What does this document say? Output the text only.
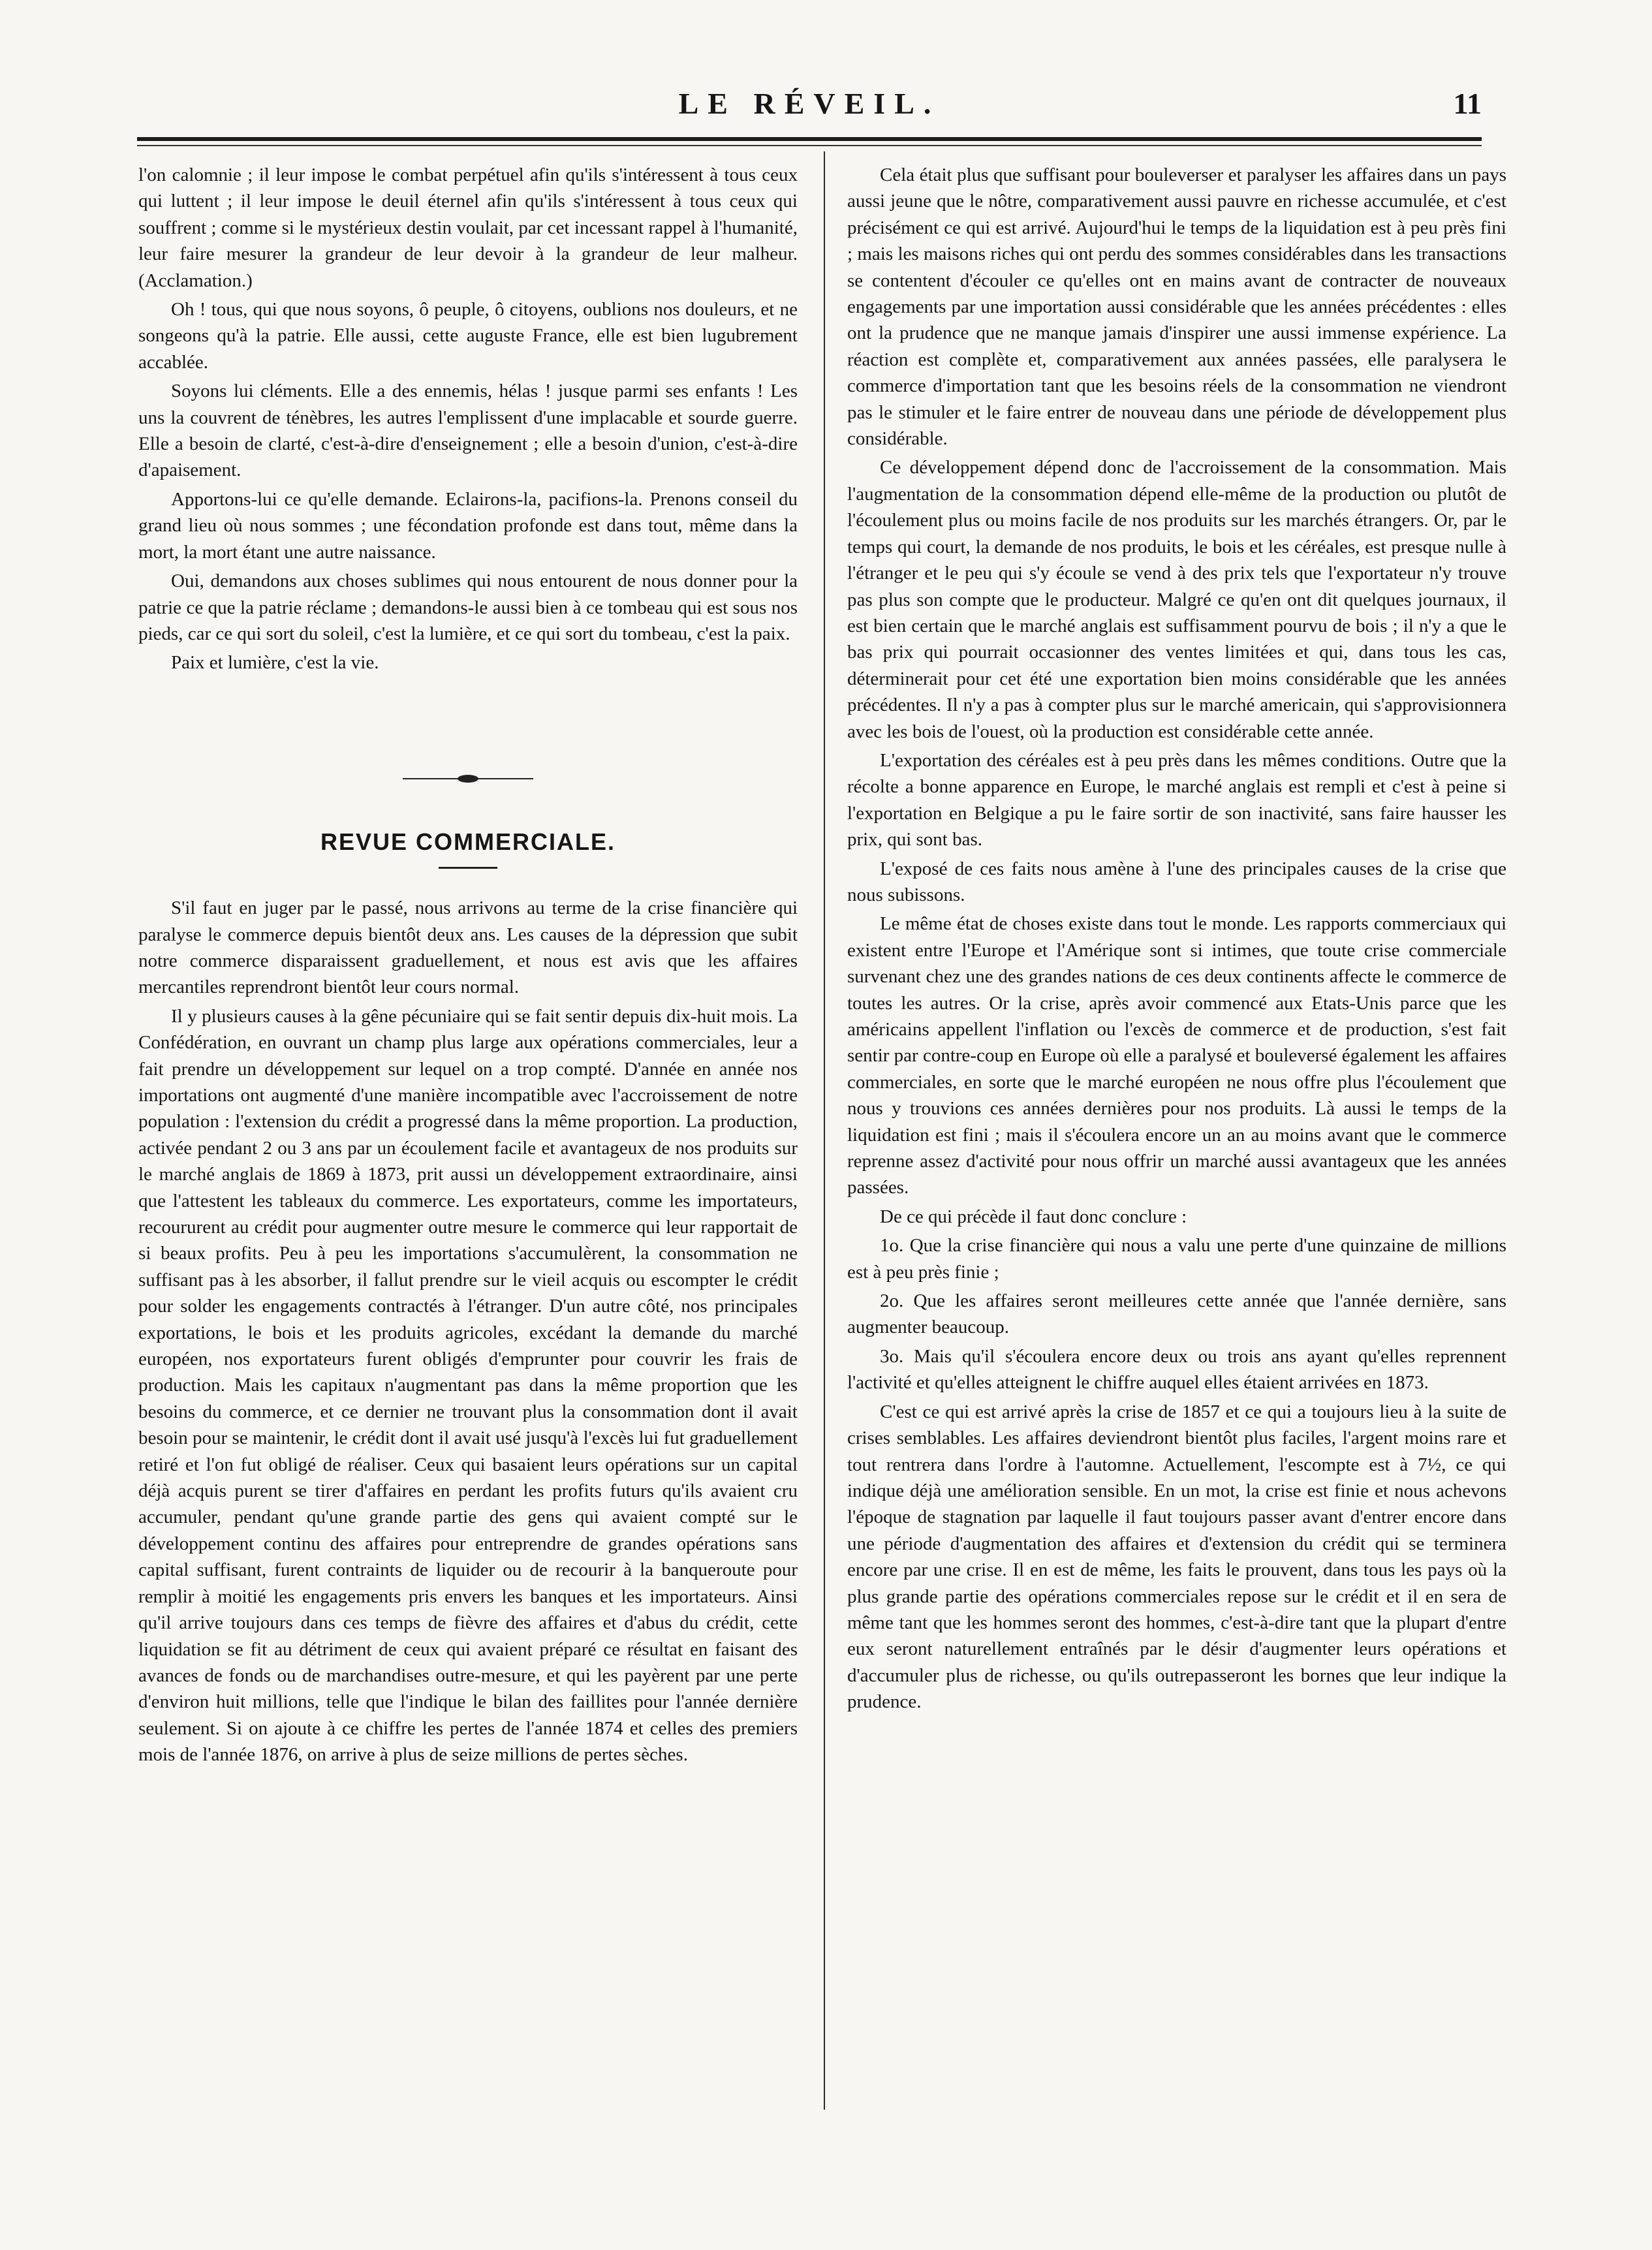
LE RÉVEIL.	11

l'on calomnie ; il leur impose le combat perpétuel afin qu'ils s'intéressent à tous ceux qui luttent ; il leur impose le deuil éternel afin qu'ils s'intéressent à tous ceux qui souffrent ; comme si le mystérieux destin voulait, par cet incessant rappel à l'humanité, leur faire mesurer la grandeur de leur devoir à la grandeur de leur malheur. (Acclamation.)

Oh ! tous, qui que nous soyons, ô peuple, ô citoyens, oublions nos douleurs, et ne songeons qu'à la patrie. Elle aussi, cette auguste France, elle est bien lugubrement accablée.

Soyons lui cléments. Elle a des ennemis, hélas ! jusque parmi ses enfants ! Les uns la couvrent de ténèbres, les autres l'emplissent d'une implacable et sourde guerre. Elle a besoin de clarté, c'est-à-dire d'enseignement ; elle a besoin d'union, c'est-à-dire d'apaisement.

Apportons-lui ce qu'elle demande. Eclairons-la, pacifions-la. Prenons conseil du grand lieu où nous sommes ; une fécondation profonde est dans tout, même dans la mort, la mort étant une autre naissance.

Oui, demandons aux choses sublimes qui nous entourent de nous donner pour la patrie ce que la patrie réclame ; demandons-le aussi bien à ce tombeau qui est sous nos pieds, car ce qui sort du soleil, c'est la lumière, et ce qui sort du tombeau, c'est la paix.

Paix et lumière, c'est la vie.

REVUE COMMERCIALE.

S'il faut en juger par le passé, nous arrivons au terme de la crise financière qui paralyse le commerce depuis bientôt deux ans. Les causes de la dépression que subit notre commerce disparaissent graduellement, et nous est avis que les affaires mercantiles reprendront bientôt leur cours normal.

Il y plusieurs causes à la gêne pécuniaire qui se fait sentir depuis dix-huit mois. La Confédération, en ouvrant un champ plus large aux opérations commerciales, leur a fait prendre un développement sur lequel on a trop compté. D'année en année nos importations ont augmenté d'une manière incompatible avec l'accroissement de notre population : l'extension du crédit a progressé dans la même proportion. La production, activée pendant 2 ou 3 ans par un écoulement facile et avantageux de nos produits sur le marché anglais de 1869 à 1873, prit aussi un développement extraordinaire, ainsi que l'attestent les tableaux du commerce. Les exportateurs, comme les importateurs, recoururent au crédit pour augmenter outre mesure le commerce qui leur rapportait de si beaux profits. Peu à peu les importations s'accumulèrent, la consommation ne suffisant pas à les absorber, il fallut prendre sur le vieil acquis ou escompter le crédit pour solder les engagements contractés à l'étranger. D'un autre côté, nos principales exportations, le bois et les produits agricoles, excédant la demande du marché européen, nos exportateurs furent obligés d'emprunter pour couvrir les frais de production. Mais les capitaux n'augmentant pas dans la même proportion que les besoins du commerce, et ce dernier ne trouvant plus la consommation dont il avait besoin pour se maintenir, le crédit dont il avait usé jusqu'à l'excès lui fut graduellement retiré et l'on fut obligé de réaliser. Ceux qui basaient leurs opérations sur un capital déjà acquis purent se tirer d'affaires en perdant les profits futurs qu'ils avaient cru accumuler, pendant qu'une grande partie des gens qui avaient compté sur le développement continu des affaires pour entreprendre de grandes opérations sans capital suffisant, furent contraints de liquider ou de recourir à la banqueroute pour remplir à moitié les engagements pris envers les banques et les importateurs. Ainsi qu'il arrive toujours dans ces temps de fièvre des affaires et d'abus du crédit, cette liquidation se fit au détriment de ceux qui avaient préparé ce résultat en faisant des avances de fonds ou de marchandises outre-mesure, et qui les payèrent par une perte d'environ huit millions, telle que l'indique le bilan des faillites pour l'année dernière seulement. Si on ajoute à ce chiffre les pertes de l'année 1874 et celles des premiers mois de l'année 1876, on arrive à plus de seize millions de pertes sèches.

Cela était plus que suffisant pour bouleverser et paralyser les affaires dans un pays aussi jeune que le nôtre, comparativement aussi pauvre en richesse accumulée, et c'est précisément ce qui est arrivé. Aujourd'hui le temps de la liquidation est à peu près fini ; mais les maisons riches qui ont perdu des sommes considérables dans les transactions se contentent d'écouler ce qu'elles ont en mains avant de contracter de nouveaux engagements par une importation aussi considérable que les années précédentes : elles ont la prudence que ne manque jamais d'inspirer une aussi immense expérience. La réaction est complète et, comparativement aux années passées, elle paralysera le commerce d'importation tant que les besoins réels de la consommation ne viendront pas le stimuler et le faire entrer de nouveau dans une période de développement plus considérable.

Ce développement dépend donc de l'accroissement de la consommation. Mais l'augmentation de la consommation dépend elle-même de la production ou plutôt de l'écoulement plus ou moins facile de nos produits sur les marchés étrangers. Or, par le temps qui court, la demande de nos produits, le bois et les céréales, est presque nulle à l'étranger et le peu qui s'y écoule se vend à des prix tels que l'exportateur n'y trouve pas plus son compte que le producteur. Malgré ce qu'en ont dit quelques journaux, il est bien certain que le marché anglais est suffisamment pourvu de bois ; il n'y a que le bas prix qui pourrait occasionner des ventes limitées et qui, dans tous les cas, déterminerait pour cet été une exportation bien moins considérable que les années précédentes. Il n'y a pas à compter plus sur le marché americain, qui s'approvisionnera avec les bois de l'ouest, où la production est considérable cette année.

L'exportation des céréales est à peu près dans les mêmes conditions. Outre que la récolte a bonne apparence en Europe, le marché anglais est rempli et c'est à peine si l'exportation en Belgique a pu le faire sortir de son inactivité, sans faire hausser les prix, qui sont bas.

L'exposé de ces faits nous amène à l'une des principales causes de la crise que nous subissons.

Le même état de choses existe dans tout le monde. Les rapports commerciaux qui existent entre l'Europe et l'Amérique sont si intimes, que toute crise commerciale survenant chez une des grandes nations de ces deux continents affecte le commerce de toutes les autres. Or la crise, après avoir commencé aux Etats-Unis parce que les américains appellent l'inflation ou l'excès de commerce et de production, s'est fait sentir par contre-coup en Europe où elle a paralysé et bouleversé également les affaires commerciales, en sorte que le marché européen ne nous offre plus l'écoulement que nous y trouvions ces années dernières pour nos produits. Là aussi le temps de la liquidation est fini ; mais il s'écoulera encore un an au moins avant que le commerce reprenne assez d'activité pour nous offrir un marché aussi avantageux que les années passées.

De ce qui précède il faut donc conclure :

1o. Que la crise financière qui nous a valu une perte d'une quinzaine de millions est à peu près finie ;

2o. Que les affaires seront meilleures cette année que l'année dernière, sans augmenter beaucoup.

3o. Mais qu'il s'écoulera encore deux ou trois ans ayant qu'elles reprennent l'activité et qu'elles atteignent le chiffre auquel elles étaient arrivées en 1873.

C'est ce qui est arrivé après la crise de 1857 et ce qui a toujours lieu à la suite de crises semblables. Les affaires deviendront bientôt plus faciles, l'argent moins rare et tout rentrera dans l'ordre à l'automne. Actuellement, l'escompte est à 7½, ce qui indique déjà une amélioration sensible. En un mot, la crise est finie et nous achevons l'époque de stagnation par laquelle il faut toujours passer avant d'entrer encore dans une période d'augmentation des affaires et d'extension du crédit qui se terminera encore par une crise. Il en est de même, les faits le prouvent, dans tous les pays où la plus grande partie des opérations commerciales repose sur le crédit et il en sera de même tant que les hommes seront des hommes, c'est-à-dire tant que la plupart d'entre eux seront naturellement entraînés par le désir d'augmenter leurs opérations et d'accumuler plus de richesse, ou qu'ils outrepasseront les bornes que leur indique la prudence.
